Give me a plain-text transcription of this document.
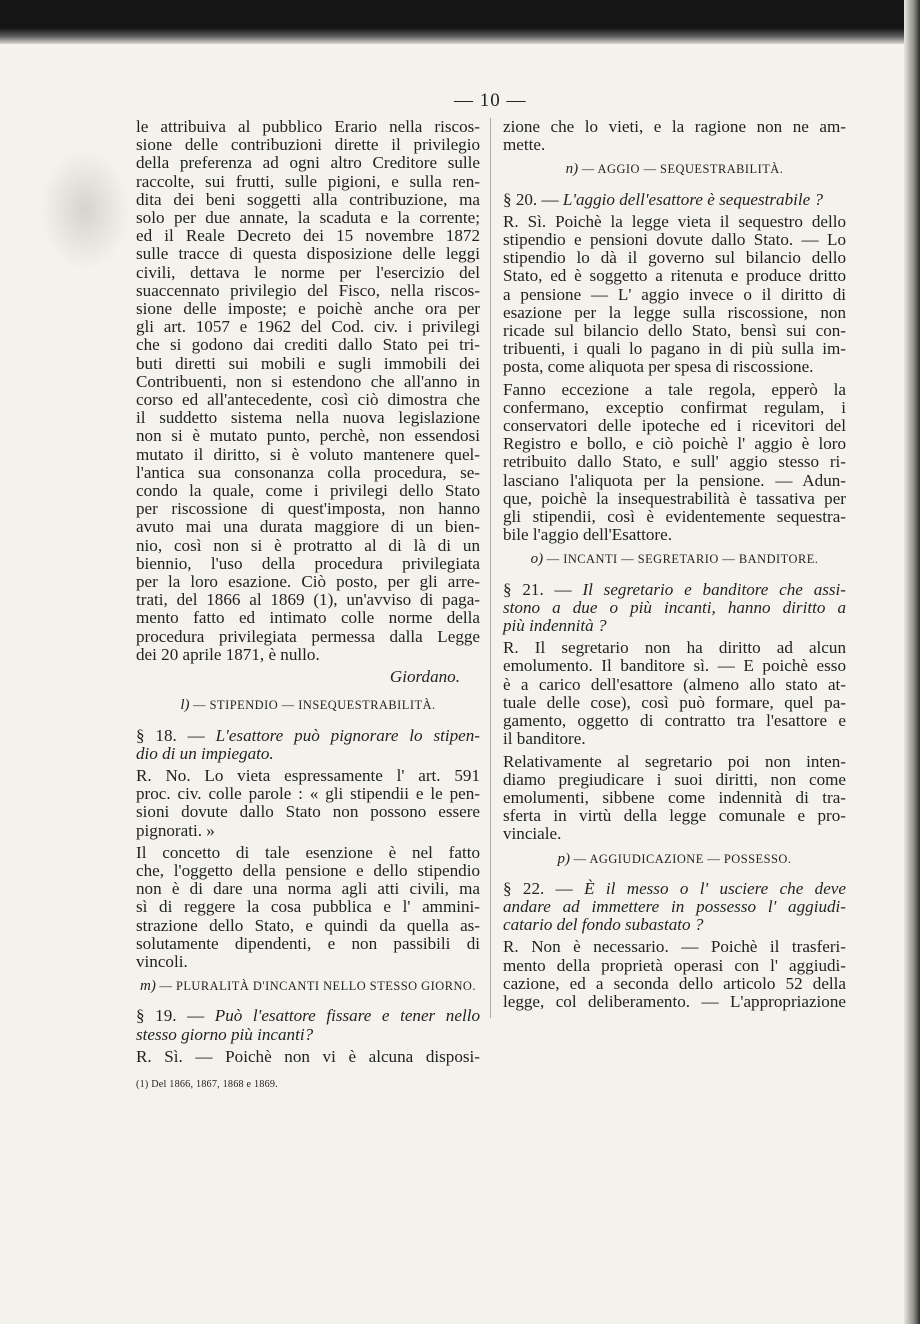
— 10 —
le attribuiva al pubblico Erario nella riscos-
sione delle contribuzioni dirette il privilegio
della preferenza ad ogni altro Creditore sulle
raccolte, sui frutti, sulle pigioni, e sulla ren-
dita dei beni soggetti alla contribuzione, ma
solo per due annate, la scaduta e la corrente;
ed il Reale Decreto dei 15 novembre 1872
sulle tracce di questa disposizione delle leggi
civili, dettava le norme per l'esercizio del
suaccennato privilegio del Fisco, nella riscos-
sione delle imposte; e poichè anche ora per
gli art. 1057 e 1962 del Cod. civ. i privilegi
che si godono dai crediti dallo Stato pei tri-
buti diretti sui mobili e sugli immobili dei
Contribuenti, non si estendono che all'anno in
corso ed all'antecedente, così ciò dimostra che
il suddetto sistema nella nuova legislazione
non si è mutato punto, perchè, non essendosi
mutato il diritto, si è voluto mantenere quel-
l'antica sua consonanza colla procedura, se-
condo la quale, come i privilegi dello Stato
per riscossione di quest'imposta, non hanno
avuto mai una durata maggiore di un bien-
nio, così non si è protratto al di là di un
biennio, l'uso della procedura privilegiata
per la loro esazione. Ciò posto, per gli arre-
trati, del 1866 al 1869 (1), un'avviso di paga-
mento fatto ed intimato colle norme della
procedura privilegiata permessa dalla Legge
dei 20 aprile 1871, è nullo.
Giordano.
l) — STIPENDIO — INSEQUESTRABILITÀ.
§ 18. — L'esattore può pignorare lo stipen-
dio di un impiegato.
R. No. Lo vieta espressamente l' art. 591
proc. civ. colle parole : « gli stipendii e le pen-
sioni dovute dallo Stato non possono essere
pignorati. »
Il concetto di tale esenzione è nel fatto
che, l'oggetto della pensione e dello stipendio
non è di dare una norma agli atti civili, ma
sì di reggere la cosa pubblica e l' ammini-
strazione dello Stato, e quindi da quella as-
solutamente dipendenti, e non passibili di
vincoli.
m) — PLURALITÀ D'INCANTI NELLO STESSO GIORNO.
§ 19. — Può l'esattore fissare e tener nello
stesso giorno più incanti?
R. Sì. — Poichè non vi è alcuna disposi-
(1) Del 1866, 1867, 1868 e 1869.
zione che lo vieti, e la ragione non ne am-
mette.
n) — AGGIO — SEQUESTRABILITÀ.
§ 20. — L'aggio dell'esattore è sequestrabile ?
R. Sì. Poichè la legge vieta il sequestro dello
stipendio e pensioni dovute dallo Stato. — Lo
stipendio lo dà il governo sul bilancio dello
Stato, ed è soggetto a ritenuta e produce dritto
a pensione — L' aggio invece o il diritto di
esazione per la legge sulla riscossione, non
ricade sul bilancio dello Stato, bensì sui con-
tribuenti, i quali lo pagano in di più sulla im-
posta, come aliquota per spesa di riscossione.
Fanno eccezione a tale regola, epperò la
confermano, exceptio confirmat regulam, i
conservatori delle ipoteche ed i ricevitori del
Registro e bollo, e ciò poichè l' aggio è loro
retribuito dallo Stato, e sull' aggio stesso ri-
lasciano l'aliquota per la pensione. — Adun-
que, poichè la insequestrabilità è tassativa per
gli stipendii, così è evidentemente sequestra-
bile l'aggio dell'Esattore.
o) — INCANTI — SEGRETARIO — BANDITORE.
§ 21. — Il segretario e banditore che assi-
stono a due o più incanti, hanno diritto a
più indennità ?
R. Il segretario non ha diritto ad alcun
emolumento. Il banditore sì. — E poichè esso
è a carico dell'esattore (almeno allo stato at-
tuale delle cose), così può formare, quel pa-
gamento, oggetto di contratto tra l'esattore e
il banditore.
Relativamente al segretario poi non inten-
diamo pregiudicare i suoi diritti, non come
emolumenti, sibbene come indennità di tra-
sferta in virtù della legge comunale e pro-
vinciale.
p) — AGGIUDICAZIONE — POSSESSO.
§ 22. — È il messo o l' usciere che deve
andare ad immettere in possesso l' aggiudi-
catario del fondo subastato ?
R. Non è necessario. — Poichè il trasferi-
mento della proprietà operasi con l' aggiudi-
cazione, ed a seconda dello articolo 52 della
legge, col deliberamento. — L'appropriazione
